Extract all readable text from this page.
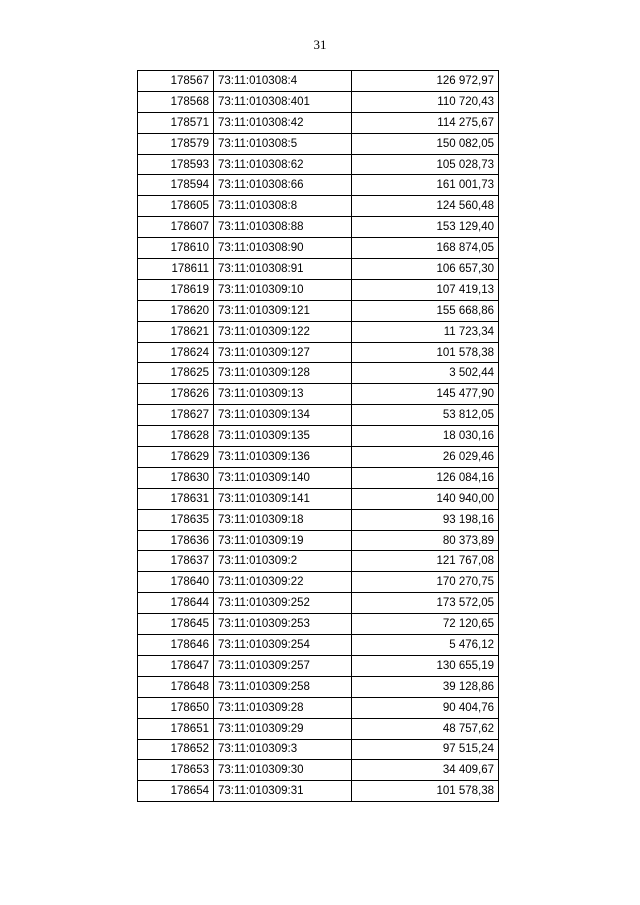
31
178567	73:11:010308:4	126 972,97
178568	73:11:010308:401	110 720,43
178571	73:11:010308:42	114 275,67
178579	73:11:010308:5	150 082,05
178593	73:11:010308:62	105 028,73
178594	73:11:010308:66	161 001,73
178605	73:11:010308:8	124 560,48
178607	73:11:010308:88	153 129,40
178610	73:11:010308:90	168 874,05
178611	73:11:010308:91	106 657,30
178619	73:11:010309:10	107 419,13
178620	73:11:010309:121	155 668,86
178621	73:11:010309:122	11 723,34
178624	73:11:010309:127	101 578,38
178625	73:11:010309:128	3 502,44
178626	73:11:010309:13	145 477,90
178627	73:11:010309:134	53 812,05
178628	73:11:010309:135	18 030,16
178629	73:11:010309:136	26 029,46
178630	73:11:010309:140	126 084,16
178631	73:11:010309:141	140 940,00
178635	73:11:010309:18	93 198,16
178636	73:11:010309:19	80 373,89
178637	73:11:010309:2	121 767,08
178640	73:11:010309:22	170 270,75
178644	73:11:010309:252	173 572,05
178645	73:11:010309:253	72 120,65
178646	73:11:010309:254	5 476,12
178647	73:11:010309:257	130 655,19
178648	73:11:010309:258	39 128,86
178650	73:11:010309:28	90 404,76
178651	73:11:010309:29	48 757,62
178652	73:11:010309:3	97 515,24
178653	73:11:010309:30	34 409,67
178654	73:11:010309:31	101 578,38
